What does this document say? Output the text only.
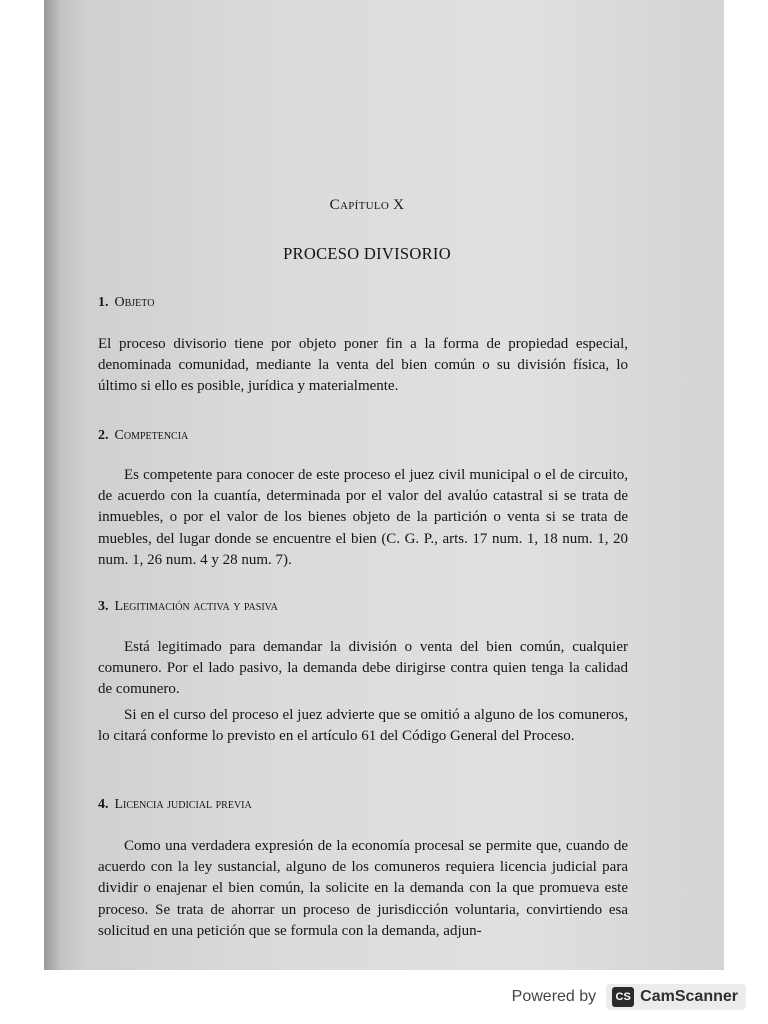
Capítulo X
PROCESO DIVISORIO
1. Objeto

El proceso divisorio tiene por objeto poner fin a la forma de propiedad especial, denominada comunidad, mediante la venta del bien común o su división física, lo último si ello es posible, jurídica y materialmente.

2. Competencia

Es competente para conocer de este proceso el juez civil municipal o el de circuito, de acuerdo con la cuantía, determinada por el valor del avalúo catastral si se trata de inmuebles, o por el valor de los bienes objeto de la partición o venta si se trata de muebles, del lugar donde se encuentre el bien (C. G. P., arts. 17 num. 1, 18 num. 1, 20 num. 1, 26 num. 4 y 28 num. 7).

3. Legitimación activa y pasiva

Está legitimado para demandar la división o venta del bien común, cualquier comunero. Por el lado pasivo, la demanda debe dirigirse contra quien tenga la calidad de comunero.

Si en el curso del proceso el juez advierte que se omitió a alguno de los comuneros, lo citará conforme lo previsto en el artículo 61 del Código General del Proceso.

4. Licencia judicial previa

Como una verdadera expresión de la economía procesal se permite que, cuando de acuerdo con la ley sustancial, alguno de los comuneros requiera licencia judicial para dividir o enajenar el bien común, la solicite en la demanda con la que promueva este proceso. Se trata de ahorrar un proceso de jurisdicción voluntaria, convirtiendo esa solicitud en una petición que se formula con la demanda, adjun-

Powered by	CS CamScanner
